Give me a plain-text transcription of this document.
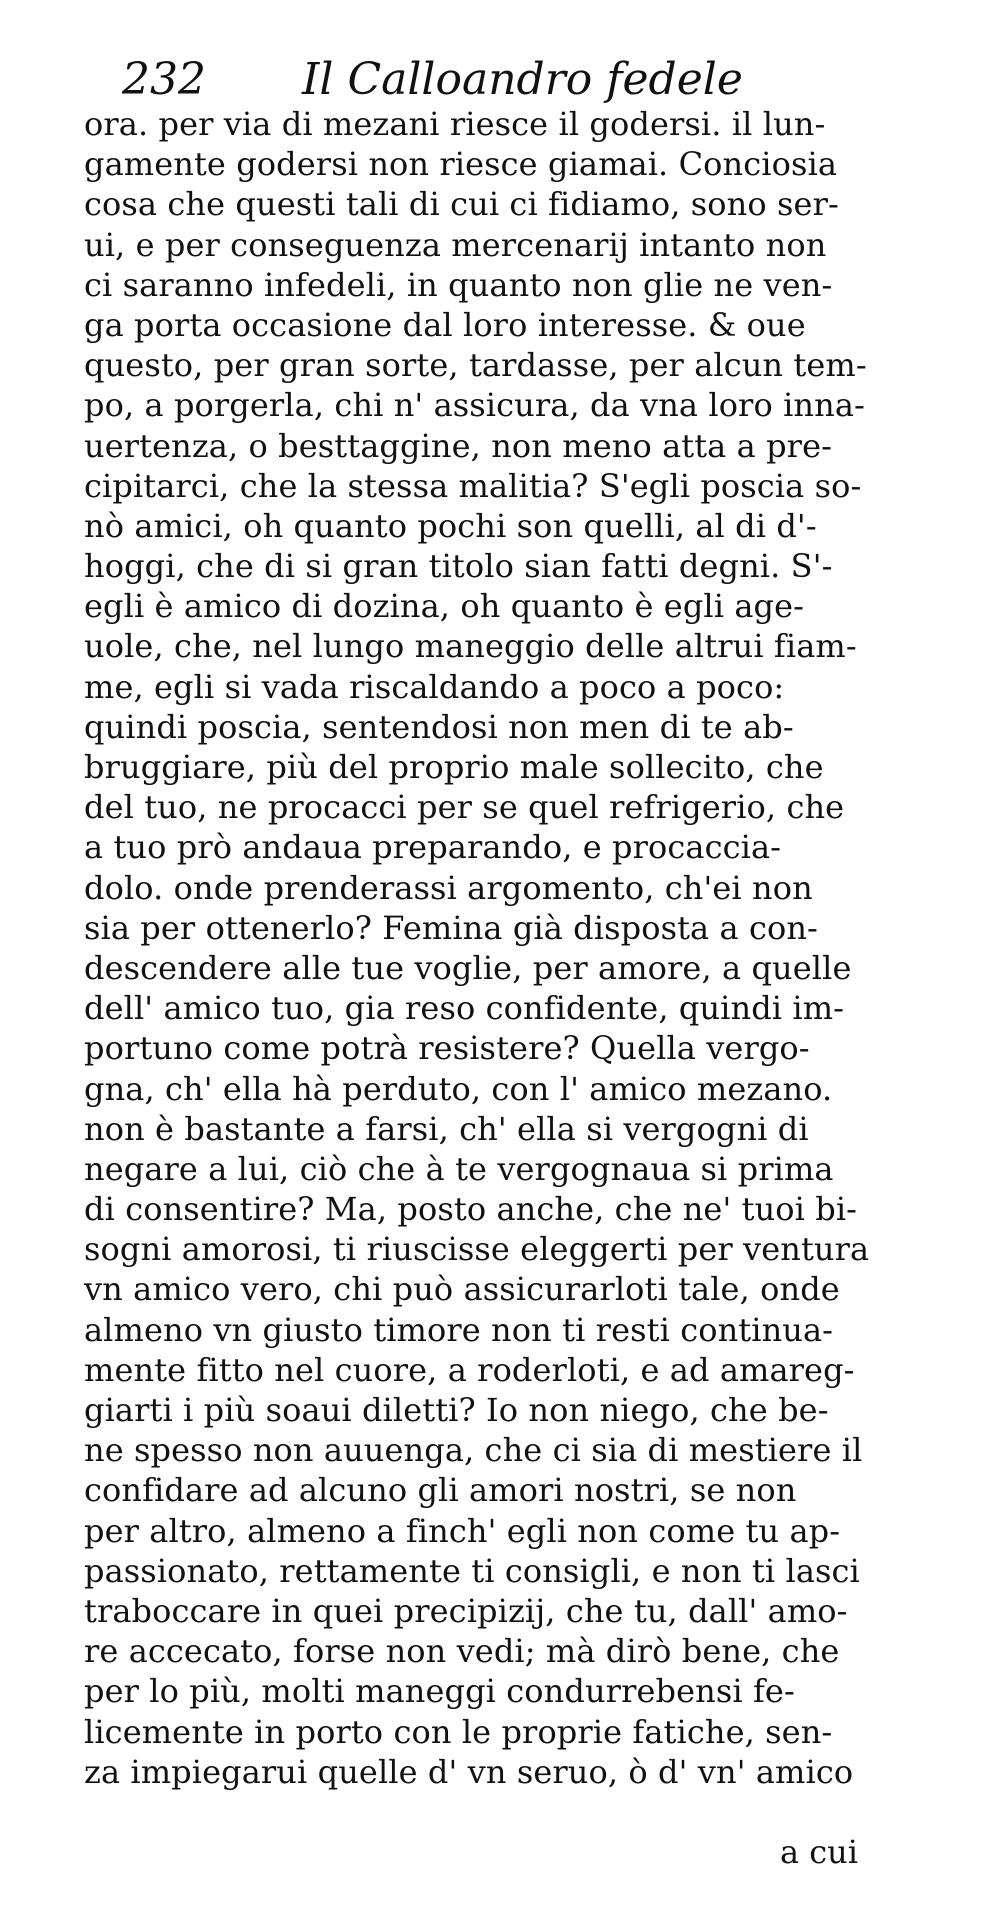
232 Il Calloandro fedele
ora. per via di mezani riesce il godersi. il lun-
gamente godersi non riesce giamai. Conciosia
cosa che questi tali di cui ci fidiamo, sono ser-
ui, e per conseguenza mercenarij intanto non
ci saranno infedeli, in quanto non glie ne ven-
ga porta occasione dal loro interesse. & oue
questo, per gran sorte, tardasse, per alcun tem-
po, a porgerla, chi n' assicura, da vna loro inna-
uertenza, o besttaggine, non meno atta a pre-
cipitarci, che la stessa malitia? S'egli poscia so-
nò amici, oh quanto pochi son quelli, al di d'-
hoggi, che di si gran titolo sian fatti degni. S'-
egli è amico di dozina, oh quanto è egli age-
uole, che, nel lungo maneggio delle altrui fiam-
me, egli si vada riscaldando a poco a poco:
quindi poscia, sentendosi non men di te ab-
bruggiare, più del proprio male sollecito, che
del tuo, ne procacci per se quel refrigerio, che
a tuo prò andaua preparando, e procaccia-
dolo. onde prenderassi argomento, ch'ei non
sia per ottenerlo? Femina già disposta a con-
descendere alle tue voglie, per amore, a quelle
dell' amico tuo, gia reso confidente, quindi im-
portuno come potrà resistere? Quella vergo-
gna, ch' ella hà perduto, con l' amico mezano.
non è bastante a farsi, ch' ella si vergogni di
negare a lui, ciò che à te vergognaua si prima
di consentire? Ma, posto anche, che ne' tuoi bi-
sogni amorosi, ti riuscisse eleggerti per ventura
vn amico vero, chi può assicurarloti tale, onde
almeno vn giusto timore non ti resti continua-
mente fitto nel cuore, a roderloti, e ad amareg-
giarti i più soaui diletti? Io non niego, che be-
ne spesso non auuenga, che ci sia di mestiere il
confidare ad alcuno gli amori nostri, se non
per altro, almeno a finch' egli non come tu ap-
passionato, rettamente ti consigli, e non ti lasci
traboccare in quei precipizij, che tu, dall' amo-
re accecato, forse non vedi; mà dirò bene, che
per lo più, molti maneggi condurrebensi fe-
licemente in porto con le proprie fatiche, sen-
za impiegarui quelle d' vn seruo, ò d' vn' amico
a cui
